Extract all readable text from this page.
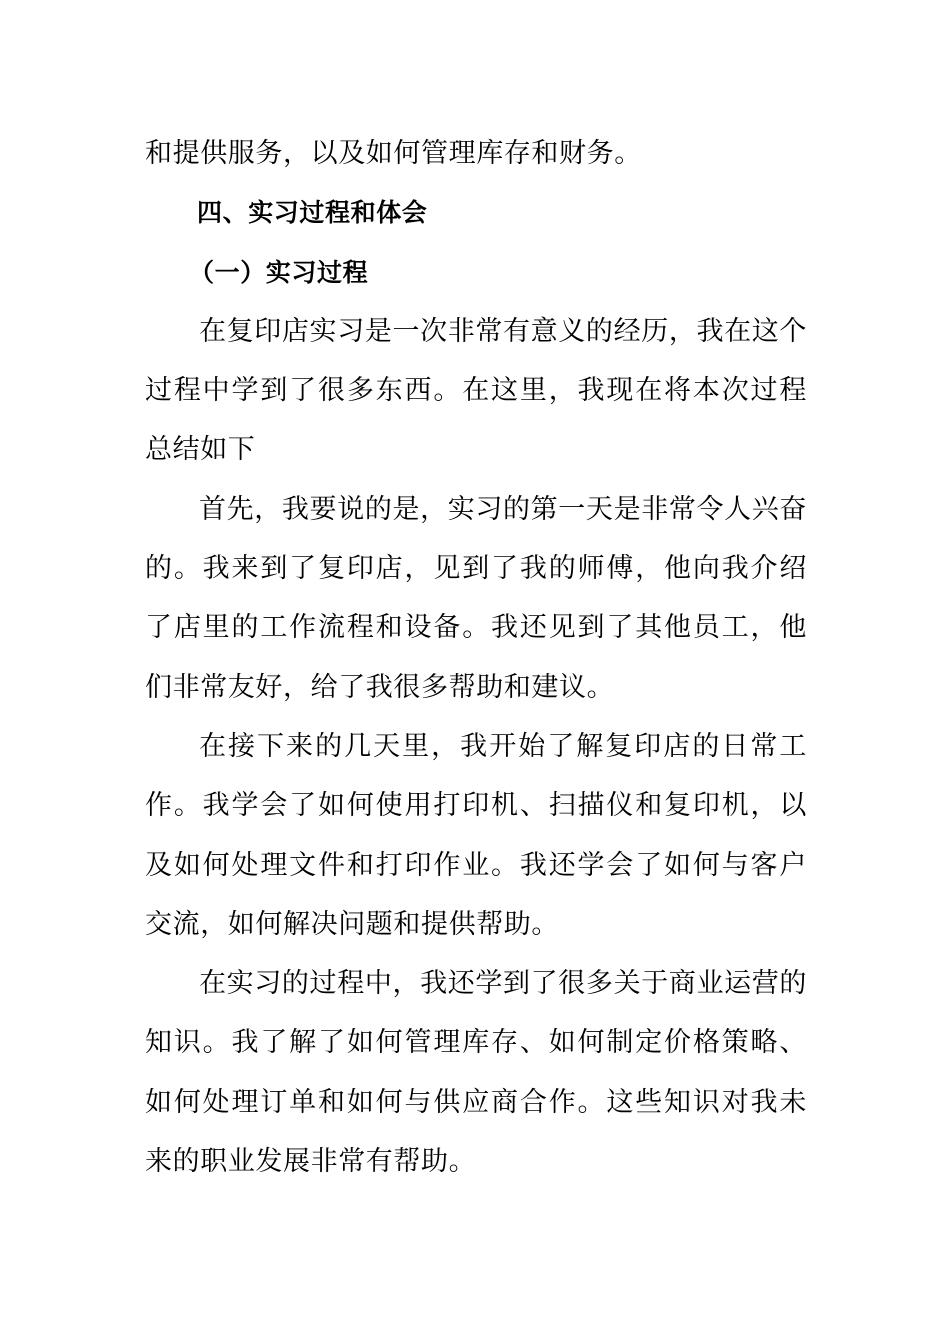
和提供服务，以及如何管理库存和财务。

四、实习过程和体会

（一）实习过程

在复印店实习是一次非常有意义的经历，我在这个过程中学到了很多东西。在这里，我现在将本次过程总结如下

首先，我要说的是，实习的第一天是非常令人兴奋的。我来到了复印店，见到了我的师傅，他向我介绍了店里的工作流程和设备。我还见到了其他员工，他们非常友好，给了我很多帮助和建议。

在接下来的几天里，我开始了解复印店的日常工作。我学会了如何使用打印机、扫描仪和复印机，以及如何处理文件和打印作业。我还学会了如何与客户交流，如何解决问题和提供帮助。

在实习的过程中，我还学到了很多关于商业运营的知识。我了解了如何管理库存、如何制定价格策略、如何处理订单和如何与供应商合作。这些知识对我未来的职业发展非常有帮助。
